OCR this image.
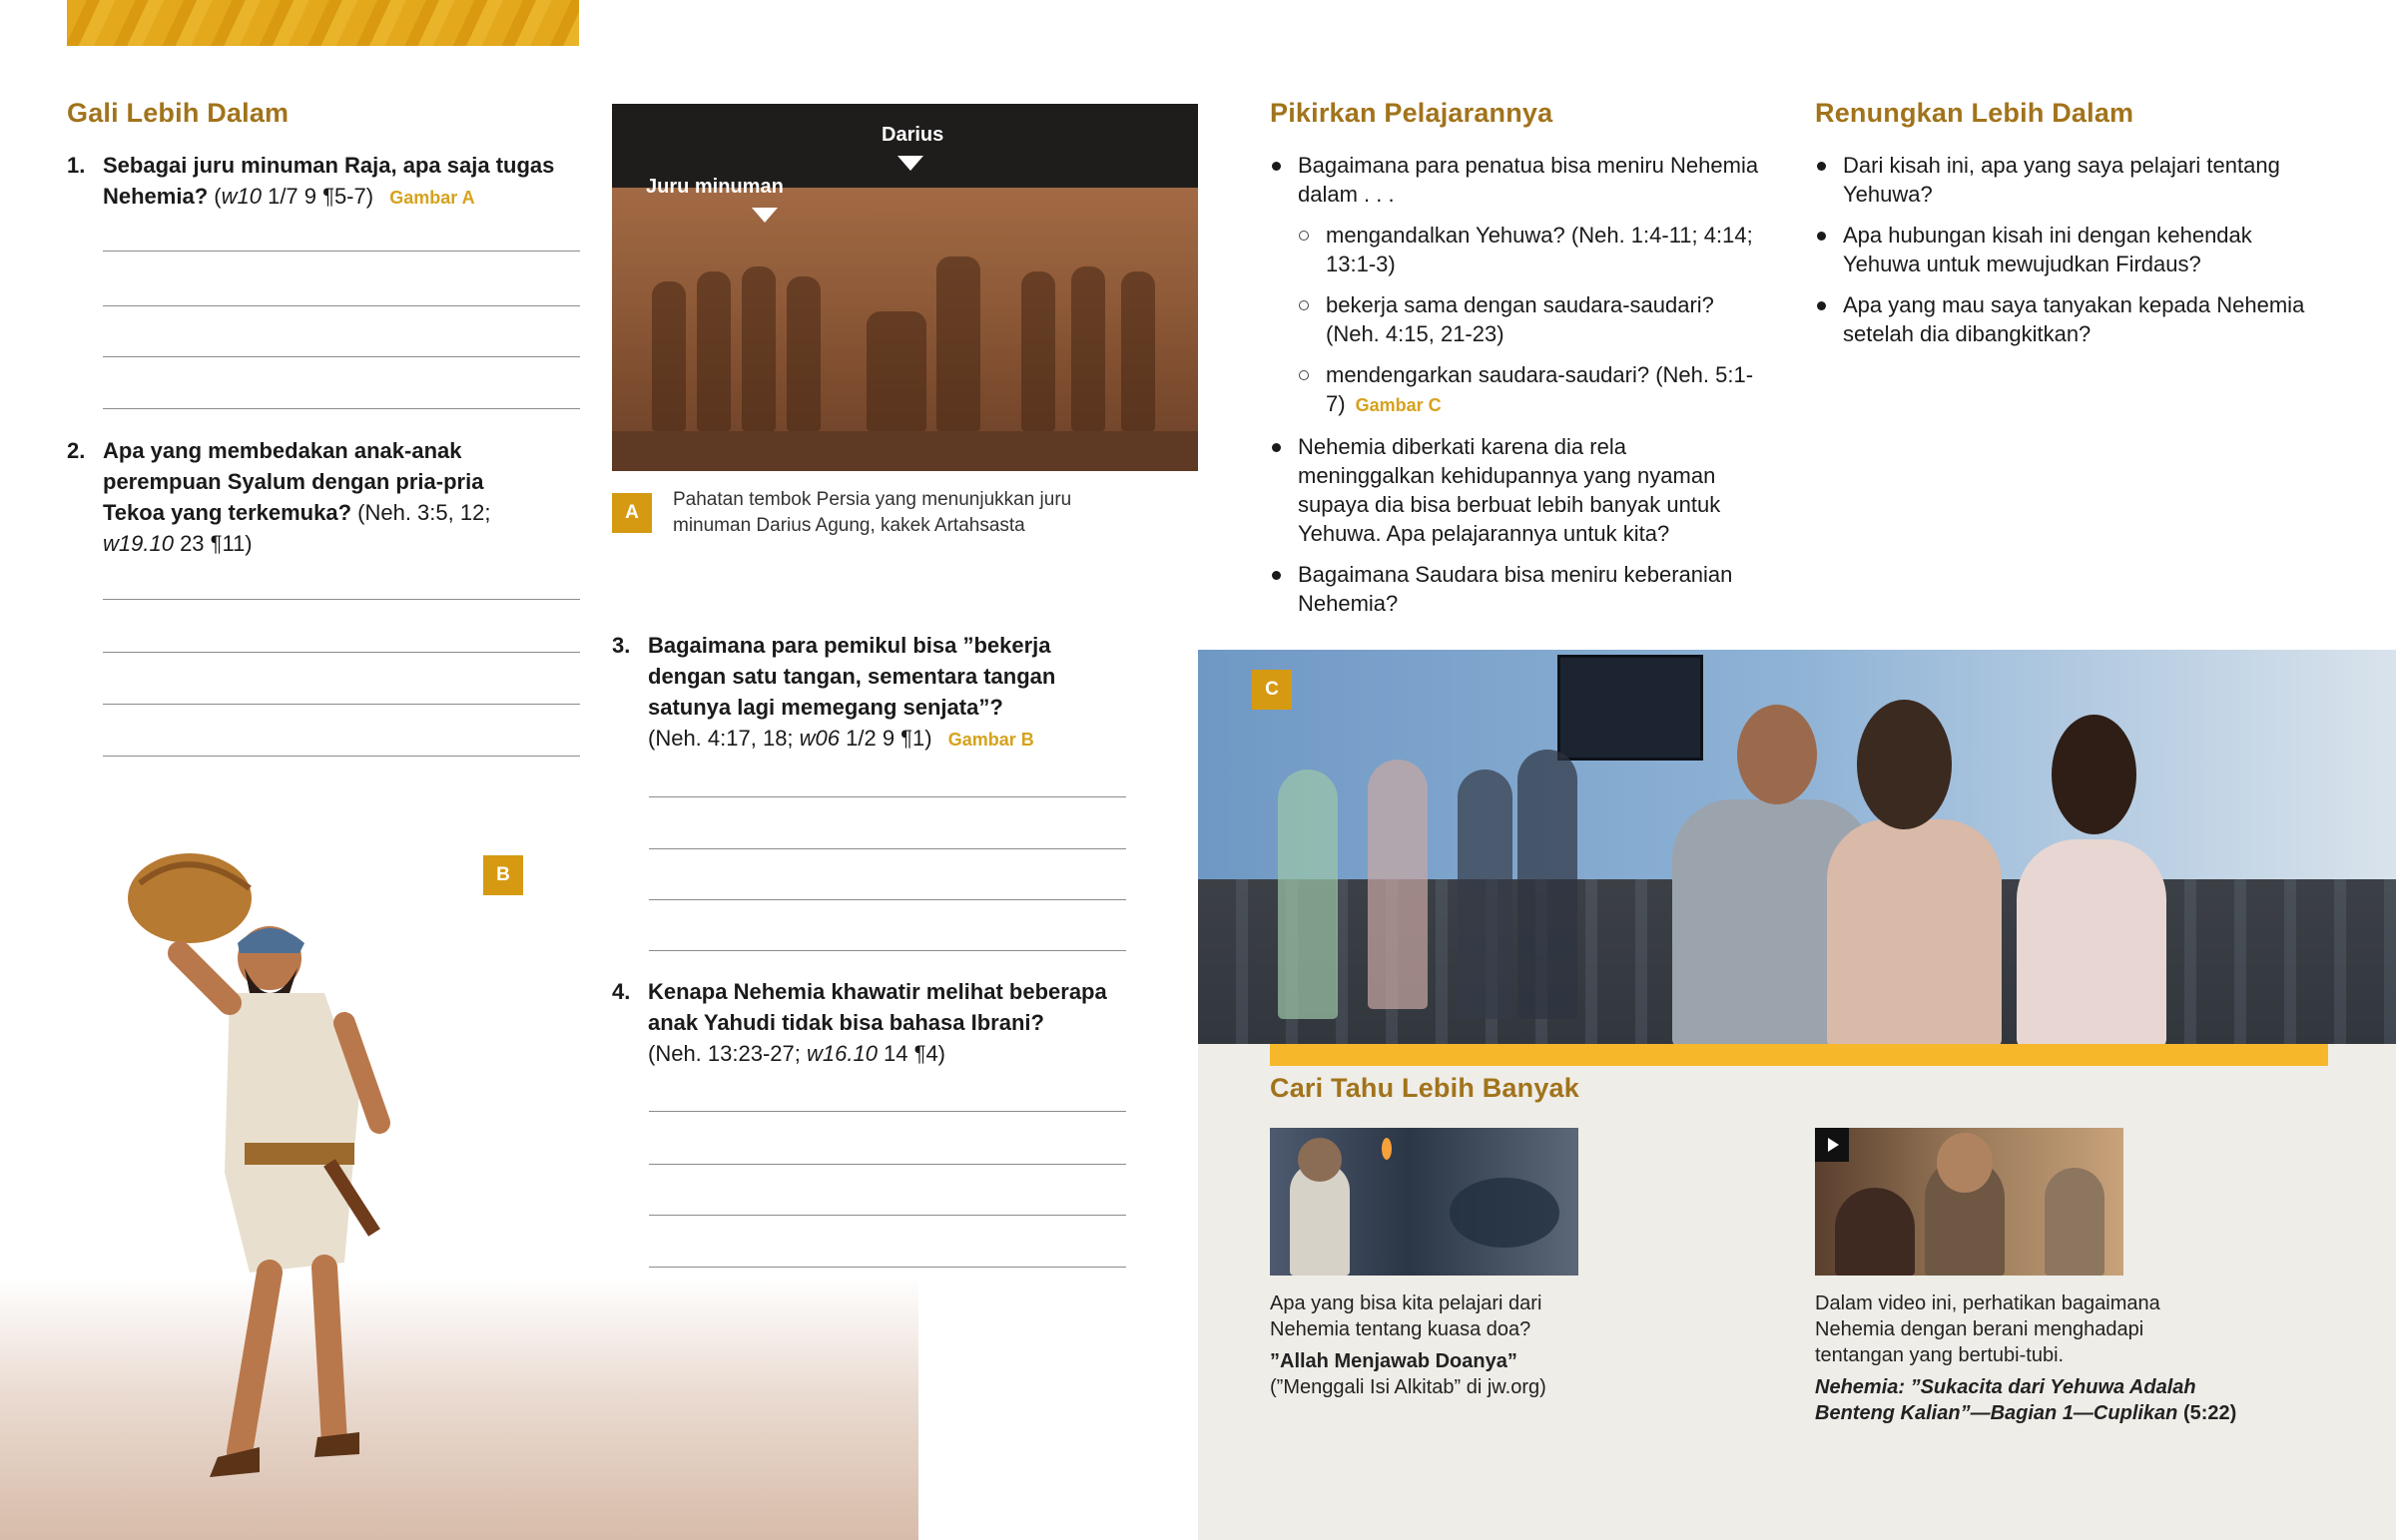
Gali Lebih Dalam
1. Sebagai juru minuman Raja, apa saja tugas Nehemia? (w10 1/7 9 ¶5-7) Gambar A
2. Apa yang membedakan anak-anak perempuan Syalum dengan pria-pria Tekoa yang terkemuka? (Neh. 3:5, 12; w19.10 23 ¶11)
B
Darius
Juru minuman
A
Pahatan tembok Persia yang menunjukkan juru minuman Darius Agung, kakek Artahsasta
3. Bagaimana para pemikul bisa ”bekerja dengan satu tangan, sementara tangan satunya lagi memegang senjata”?
(Neh. 4:17, 18; w06 1/2 9 ¶1) Gambar B
4. Kenapa Nehemia khawatir melihat beberapa anak Yahudi tidak bisa bahasa Ibrani?
(Neh. 13:23-27; w16.10 14 ¶4)
Pikirkan Pelajarannya
Bagaimana para penatua bisa meniru Nehemia dalam . . .
mengandalkan Yehuwa? (Neh. 1:4-11; 4:14; 13:1-3)
bekerja sama dengan saudara-saudari? (Neh. 4:15, 21-23)
mendengarkan saudara-saudari? (Neh. 5:1-7) Gambar C
Nehemia diberkati karena dia rela meninggalkan kehidupannya yang nyaman supaya dia bisa berbuat lebih banyak untuk Yehuwa. Apa pelajarannya untuk kita?
Bagaimana Saudara bisa meniru keberanian Nehemia?
Renungkan Lebih Dalam
Dari kisah ini, apa yang saya pelajari tentang Yehuwa?
Apa hubungan kisah ini dengan kehendak Yehuwa untuk mewujudkan Firdaus?
Apa yang mau saya tanyakan kepada Nehemia setelah dia dibangkitkan?
C
Cari Tahu Lebih Banyak
Apa yang bisa kita pelajari dari Nehemia tentang kuasa doa?
”Allah Menjawab Doanya”
(”Menggali Isi Alkitab” di jw.org)
Dalam video ini, perhatikan bagaimana Nehemia dengan berani menghadapi tentangan yang bertubi-tubi.
Nehemia: ”Sukacita dari Yehuwa Adalah Benteng Kalian”—Bagian 1—Cuplikan (5:22)
